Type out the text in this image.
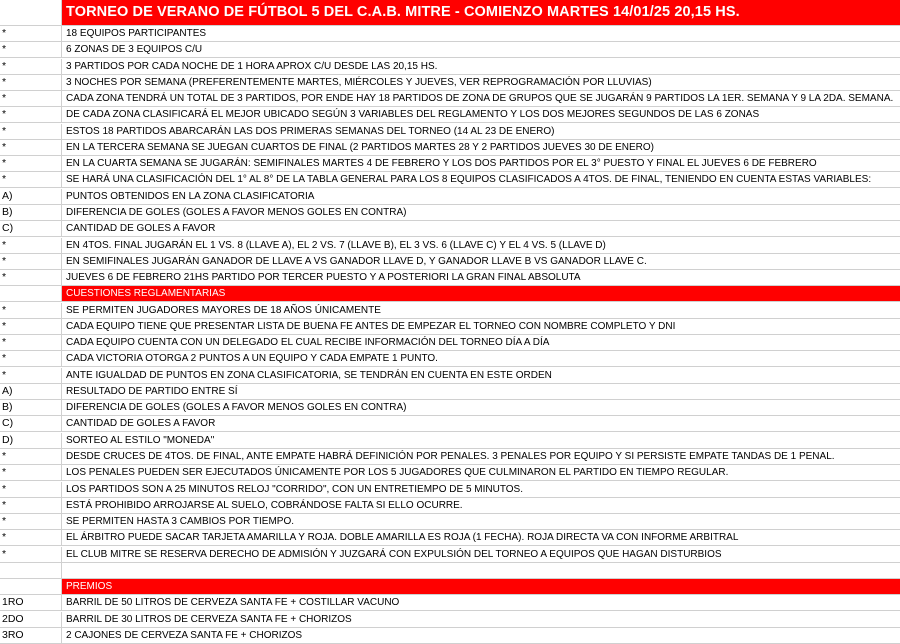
TORNEO DE VERANO DE FÚTBOL 5 DEL C.A.B. MITRE - COMIENZO MARTES 14/01/25 20,15 HS.
*	18 EQUIPOS PARTICIPANTES
*	6 ZONAS DE 3 EQUIPOS C/U
*	3 PARTIDOS POR CADA NOCHE DE 1 HORA APROX C/U DESDE LAS 20,15 HS.
*	3 NOCHES POR SEMANA (PREFERENTEMENTE MARTES, MIÉRCOLES Y JUEVES, VER REPROGRAMACIÓN POR LLUVIAS)
*	CADA ZONA TENDRÁ UN TOTAL DE 3 PARTIDOS, POR ENDE HAY 18 PARTIDOS DE ZONA DE GRUPOS QUE SE JUGARÁN 9 PARTIDOS LA 1ER. SEMANA Y 9 LA 2DA. SEMANA.
*	DE CADA ZONA CLASIFICARÁ EL MEJOR UBICADO SEGÚN 3 VARIABLES DEL REGLAMENTO Y LOS DOS MEJORES SEGUNDOS DE LAS 6 ZONAS
*	ESTOS 18 PARTIDOS ABARCARÁN LAS DOS PRIMERAS SEMANAS DEL TORNEO (14 AL 23 DE ENERO)
*	EN LA TERCERA SEMANA SE JUEGAN CUARTOS DE FINAL (2 PARTIDOS MARTES 28 Y 2 PARTIDOS JUEVES 30 DE ENERO)
*	EN LA CUARTA SEMANA SE JUGARÁN: SEMIFINALES MARTES 4 DE FEBRERO Y LOS DOS PARTIDOS POR EL 3° PUESTO Y FINAL EL JUEVES 6 DE FEBRERO
*	SE HARÁ UNA CLASIFICACIÓN DEL 1° AL 8° DE LA TABLA GENERAL PARA LOS 8 EQUIPOS CLASIFICADOS A 4TOS. DE FINAL, TENIENDO EN CUENTA ESTAS VARIABLES:
A)	PUNTOS OBTENIDOS EN LA ZONA CLASIFICATORIA
B)	DIFERENCIA DE GOLES (GOLES A FAVOR MENOS GOLES EN CONTRA)
C)	CANTIDAD DE GOLES A FAVOR
*	EN 4TOS. FINAL JUGARÁN EL 1 VS. 8 (LLAVE A), EL 2 VS. 7 (LLAVE B), EL 3 VS. 6 (LLAVE C) Y EL 4 VS. 5 (LLAVE D)
*	EN SEMIFINALES JUGARÁN GANADOR DE LLAVE A VS GANADOR LLAVE D, Y GANADOR LLAVE B VS GANADOR LLAVE C.
*	JUEVES 6 DE FEBRERO 21HS PARTIDO POR TERCER PUESTO Y A POSTERIORI LA GRAN FINAL ABSOLUTA
CUESTIONES REGLAMENTARIAS
*	SE PERMITEN JUGADORES MAYORES DE 18 AÑOS ÚNICAMENTE
*	CADA EQUIPO TIENE QUE PRESENTAR LISTA DE BUENA FE ANTES DE EMPEZAR EL TORNEO CON NOMBRE COMPLETO Y DNI
*	CADA EQUIPO CUENTA CON UN DELEGADO EL CUAL RECIBE INFORMACIÓN DEL TORNEO DÍA A DÍA
*	CADA VICTORIA OTORGA 2 PUNTOS A UN EQUIPO Y CADA EMPATE 1 PUNTO.
*	ANTE IGUALDAD DE PUNTOS EN ZONA CLASIFICATORIA, SE TENDRÁN EN CUENTA EN ESTE ORDEN
A)	RESULTADO DE PARTIDO ENTRE SÍ
B)	DIFERENCIA DE GOLES (GOLES A FAVOR MENOS GOLES EN CONTRA)
C)	CANTIDAD DE GOLES A FAVOR
D)	SORTEO AL ESTILO "MONEDA"
*	DESDE CRUCES DE 4TOS. DE FINAL, ANTE EMPATE HABRÁ DEFINICIÓN POR PENALES. 3 PENALES POR EQUIPO Y SI PERSISTE EMPATE TANDAS DE 1 PENAL.
*	LOS PENALES PUEDEN SER EJECUTADOS ÚNICAMENTE POR LOS 5 JUGADORES QUE CULMINARON EL PARTIDO EN TIEMPO REGULAR.
*	LOS PARTIDOS SON A 25 MINUTOS RELOJ "CORRIDO", CON UN ENTRETIEMPO DE 5 MINUTOS.
*	ESTÁ PROHIBIDO ARROJARSE AL SUELO, COBRÁNDOSE FALTA SI ELLO OCURRE.
*	SE PERMITEN HASTA 3 CAMBIOS POR TIEMPO.
*	EL ÁRBITRO PUEDE SACAR TARJETA AMARILLA Y ROJA. DOBLE AMARILLA ES ROJA (1 FECHA). ROJA DIRECTA VA CON INFORME ARBITRAL
*	EL CLUB MITRE SE RESERVA DERECHO DE ADMISIÓN Y JUZGARÁ CON EXPULSIÓN DEL TORNEO A EQUIPOS QUE HAGAN DISTURBIOS
PREMIOS
1RO	BARRIL DE 50 LITROS DE CERVEZA SANTA FE + COSTILLAR VACUNO
2DO	BARRIL DE 30 LITROS DE CERVEZA SANTA FE + CHORIZOS
3RO	2 CAJONES DE CERVEZA SANTA FE + CHORIZOS
